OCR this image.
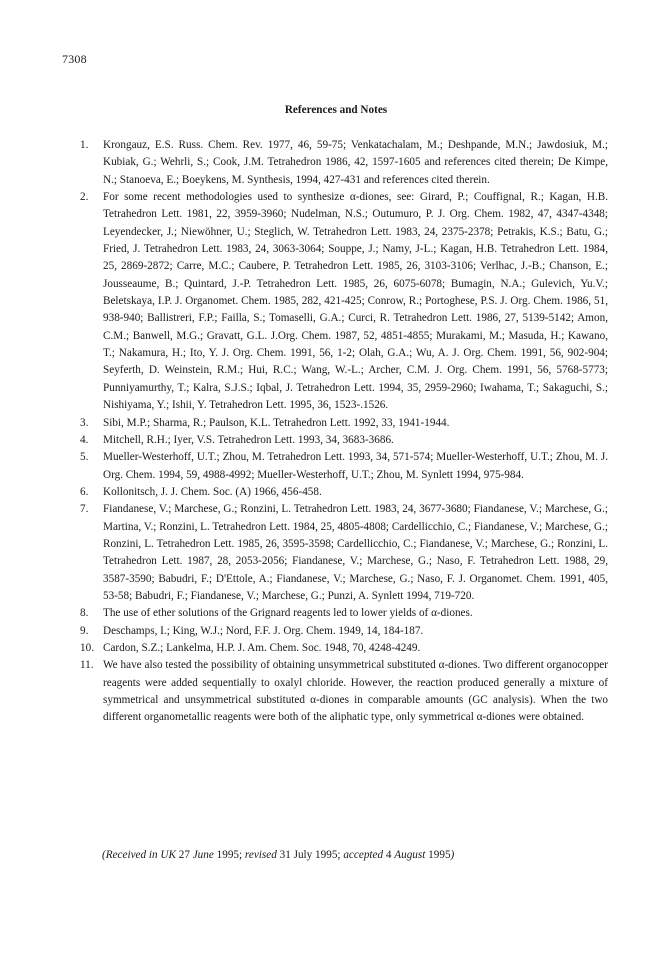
7308
References and Notes
1. Krongauz, E.S. Russ. Chem. Rev. 1977, 46, 59-75; Venkatachalam, M.; Deshpande, M.N.; Jawdosiuk, M.; Kubiak, G.; Wehrli, S.; Cook, J.M. Tetrahedron 1986, 42, 1597-1605 and references cited therein; De Kimpe, N.; Stanoeva, E.; Boeykens, M. Synthesis, 1994, 427-431 and references cited therein.
2. For some recent methodologies used to synthesize α-diones, see: Girard, P.; Couffignal, R.; Kagan, H.B. Tetrahedron Lett. 1981, 22, 3959-3960; Nudelman, N.S.; Outumuro, P. J. Org. Chem. 1982, 47, 4347-4348; Leyendecker, J.; Niewöhner, U.; Steglich, W. Tetrahedron Lett. 1983, 24, 2375-2378; Petrakis, K.S.; Batu, G.; Fried, J. Tetrahedron Lett. 1983, 24, 3063-3064; Souppe, J.; Namy, J-L.; Kagan, H.B. Tetrahedron Lett. 1984, 25, 2869-2872; Carre, M.C.; Caubere, P. Tetrahedron Lett. 1985, 26, 3103-3106; Verlhac, J.-B.; Chanson, E.; Jousseaume, B.; Quintard, J.-P. Tetrahedron Lett. 1985, 26, 6075-6078; Bumagin, N.A.; Gulevich, Yu.V.; Beletskaya, I.P. J. Organomet. Chem. 1985, 282, 421-425; Conrow, R.; Portoghese, P.S. J. Org. Chem. 1986, 51, 938-940; Ballistreri, F.P.; Failla, S.; Tomaselli, G.A.; Curci, R. Tetrahedron Lett. 1986, 27, 5139-5142; Amon, C.M.; Banwell, M.G.; Gravatt, G.L. J.Org. Chem. 1987, 52, 4851-4855; Murakami, M.; Masuda, H.; Kawano, T.; Nakamura, H.; Ito, Y. J. Org. Chem. 1991, 56, 1-2; Olah, G.A.; Wu, A. J. Org. Chem. 1991, 56, 902-904; Seyferth, D. Weinstein, R.M.; Hui, R.C.; Wang, W.-L.; Archer, C.M. J. Org. Chem. 1991, 56, 5768-5773; Punniyamurthy, T.; Kalra, S.J.S.; Iqbal, J. Tetrahedron Lett. 1994, 35, 2959-2960; Iwahama, T.; Sakaguchi, S.; Nishiyama, Y.; Ishii, Y. Tetrahedron Lett. 1995, 36, 1523-.1526.
3. Sibi, M.P.; Sharma, R.; Paulson, K.L. Tetrahedron Lett. 1992, 33, 1941-1944.
4. Mitchell, R.H.; Iyer, V.S. Tetrahedron Lett. 1993, 34, 3683-3686.
5. Mueller-Westerhoff, U.T.; Zhou, M. Tetrahedron Lett. 1993, 34, 571-574; Mueller-Westerhoff, U.T.; Zhou, M. J. Org. Chem. 1994, 59, 4988-4992; Mueller-Westerhoff, U.T.; Zhou, M. Synlett 1994, 975-984.
6. Kollonitsch, J. J. Chem. Soc. (A) 1966, 456-458.
7. Fiandanese, V.; Marchese, G.; Ronzini, L. Tetrahedron Lett. 1983, 24, 3677-3680; Fiandanese, V.; Marchese, G.; Martina, V.; Ronzini, L. Tetrahedron Lett. 1984, 25, 4805-4808; Cardellicchio, C.; Fiandanese, V.; Marchese, G.; Ronzini, L. Tetrahedron Lett. 1985, 26, 3595-3598; Cardellicchio, C.; Fiandanese, V.; Marchese, G.; Ronzini, L. Tetrahedron Lett. 1987, 28, 2053-2056; Fiandanese, V.; Marchese, G.; Naso, F. Tetrahedron Lett. 1988, 29, 3587-3590; Babudri, F.; D'Ettole, A.; Fiandanese, V.; Marchese, G.; Naso, F. J. Organomet. Chem. 1991, 405, 53-58; Babudri, F.; Fiandanese, V.; Marchese, G.; Punzi, A. Synlett 1994, 719-720.
8. The use of ether solutions of the Grignard reagents led to lower yields of α-diones.
9. Deschamps, I.; King, W.J.; Nord, F.F. J. Org. Chem. 1949, 14, 184-187.
10. Cardon, S.Z.; Lankelma, H.P. J. Am. Chem. Soc. 1948, 70, 4248-4249.
11. We have also tested the possibility of obtaining unsymmetrical substituted α-diones. Two different organocopper reagents were added sequentially to oxalyl chloride. However, the reaction produced generally a mixture of symmetrical and unsymmetrical substituted α-diones in comparable amounts (GC analysis). When the two different organometallic reagents were both of the aliphatic type, only symmetrical α-diones were obtained.
(Received in UK 27 June 1995; revised 31 July 1995; accepted 4 August 1995)
